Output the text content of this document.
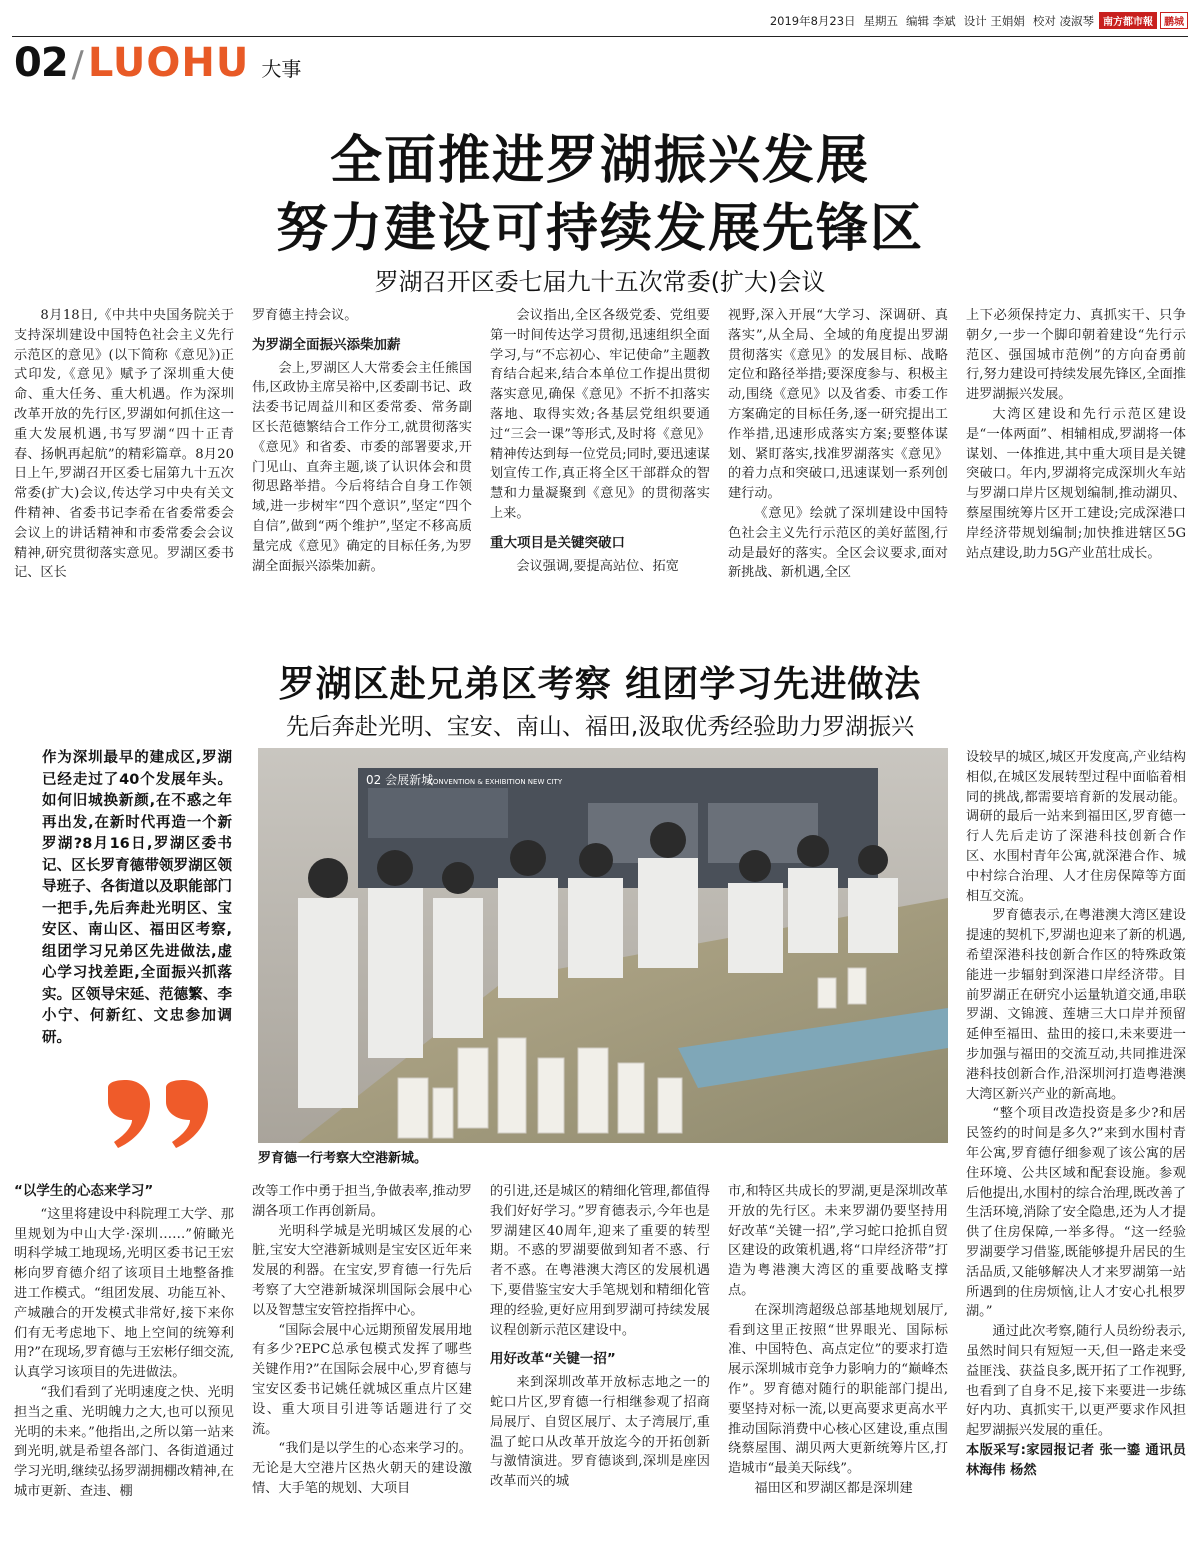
2019年8月23日 星期五 编辑 李斌 设计 王娟娟 校对 凌淑琴 南方都市報	鹏城
02 / LUOHU 大事
全面推进罗湖振兴发展
努力建设可持续发展先锋区
罗湖召开区委七届九十五次常委(扩大)会议

8月18日,《中共中央国务院关于支持深圳建设中国特色社会主义先行示范区的意见》(以下简称《意见》)正式印发,《意见》赋予了深圳重大使命、重大任务、重大机遇。作为深圳改革开放的先行区,罗湖如何抓住这一重大发展机遇,书写罗湖“四十正青春、扬帆再起航”的精彩篇章。8月20日上午,罗湖召开区委七届第九十五次常委(扩大)会议,传达学习中央有关文件精神、省委书记李希在省委常委会会议上的讲话精神和市委常委会会议精神,研究贯彻落实意见。罗湖区委书记、区长

罗育德主持会议。

为罗湖全面振兴添柴加薪

会上,罗湖区人大常委会主任熊国伟,区政协主席吴裕中,区委副书记、政法委书记周益川和区委常委、常务副区长范德繁结合工作分工,就贯彻落实《意见》和省委、市委的部署要求,开门见山、直奔主题,谈了认识体会和贯彻思路举措。今后将结合自身工作领域,进一步树牢“四个意识”,坚定“四个自信”,做到“两个维护”,坚定不移高质量完成《意见》确定的目标任务,为罗湖全面振兴添柴加薪。

会议指出,全区各级党委、党组要第一时间传达学习贯彻,迅速组织全面学习,与“不忘初心、牢记使命”主题教育结合起来,结合本单位工作提出贯彻落实意见,确保《意见》不折不扣落实落地、取得实效;各基层党组织要通过“三会一课”等形式,及时将《意见》精神传达到每一位党员;同时,要迅速谋划宣传工作,真正将全区干部群众的智慧和力量凝聚到《意见》的贯彻落实上来。

重大项目是关键突破口

会议强调,要提高站位、拓宽

视野,深入开展“大学习、深调研、真落实”,从全局、全域的角度提出罗湖贯彻落实《意见》的发展目标、战略定位和路径举措;要深度参与、积极主动,围绕《意见》以及省委、市委工作方案确定的目标任务,逐一研究提出工作举措,迅速形成落实方案;要整体谋划、紧盯落实,找准罗湖落实《意见》的着力点和突破口,迅速谋划一系列创建行动。

《意见》绘就了深圳建设中国特色社会主义先行示范区的美好蓝图,行动是最好的落实。全区会议要求,面对新挑战、新机遇,全区

上下必须保持定力、真抓实干、只争朝夕,一步一个脚印朝着建设“先行示范区、强国城市范例”的方向奋勇前行,努力建设可持续发展先锋区,全面推进罗湖振兴发展。

大湾区建设和先行示范区建设是“一体两面”、相辅相成,罗湖将一体谋划、一体推进,其中重大项目是关键突破口。年内,罗湖将完成深圳火车站与罗湖口岸片区规划编制,推动湖贝、蔡屋围统筹片区开工建设;完成深港口岸经济带规划编制;加快推进辖区5G站点建设,助力5G产业茁壮成长。

罗湖区赴兄弟区考察 组团学习先进做法
先后奔赴光明、宝安、南山、福田,汲取优秀经验助力罗湖振兴
作为深圳最早的建成区,罗湖已经走过了40个发展年头。如何旧城换新颜,在不惑之年再出发,在新时代再造一个新罗湖?8月16日,罗湖区委书记、区长罗育德带领罗湖区领导班子、各街道以及职能部门一把手,先后奔赴光明区、宝安区、南山区、福田区考察,组团学习兄弟区先进做法,虚心学习找差距,全面振兴抓落实。区领导宋延、范德繁、李小宁、何新红、文忠参加调研。
02 会展新城
CONVENTION & EXHIBITION NEW CITY
罗育德一行考察大空港新城。

设较早的城区,城区开发度高,产业结构相似,在城区发展转型过程中面临着相同的挑战,都需要培育新的发展动能。调研的最后一站来到福田区,罗育德一行人先后走访了深港科技创新合作区、水围村青年公寓,就深港合作、城中村综合治理、人才住房保障等方面相互交流。

罗育德表示,在粤港澳大湾区建设提速的契机下,罗湖也迎来了新的机遇,希望深港科技创新合作区的特殊政策能进一步辐射到深港口岸经济带。目前罗湖正在研究小运量轨道交通,串联罗湖、文锦渡、莲塘三大口岸并预留延伸至福田、盐田的接口,未来要进一步加强与福田的交流互动,共同推进深港科技创新合作,沿深圳河打造粤港澳大湾区新兴产业的新高地。

“整个项目改造投资是多少?和居民签约的时间是多久?”来到水围村青年公寓,罗育德仔细参观了该公寓的居住环境、公共区域和配套设施。参观后他提出,水围村的综合治理,既改善了生活环境,消除了安全隐患,还为人才提供了住房保障,一举多得。“这一经验罗湖要学习借鉴,既能够提升居民的生活品质,又能够解决人才来罗湖第一站所遇到的住房烦恼,让人才安心扎根罗湖。”

通过此次考察,随行人员纷纷表示,虽然时间只有短短一天,但一路走来受益匪浅、获益良多,既开拓了工作视野,也看到了自身不足,接下来要进一步练好内功、真抓实干,以更严要求作风担起罗湖振兴发展的重任。

本版采写:家园报记者 张一鎏 通讯员 林海伟 杨然

“以学生的心态来学习”

“这里将建设中科院理工大学、那里规划为中山大学·深圳……”俯瞰光明科学城工地现场,光明区委书记王宏彬向罗育德介绍了该项目土地整备推进工作模式。“组团发展、功能互补、产城融合的开发模式非常好,接下来你们有无考虑地下、地上空间的统筹利用?”在现场,罗育德与王宏彬仔细交流,认真学习该项目的先进做法。

“我们看到了光明速度之快、光明担当之重、光明魄力之大,也可以预见光明的未来。”他指出,之所以第一站来到光明,就是希望各部门、各街道通过学习光明,继续弘扬罗湖拥棚改精神,在城市更新、查违、棚

改等工作中勇于担当,争做表率,推动罗湖各项工作再创新局。

光明科学城是光明城区发展的心脏,宝安大空港新城则是宝安区近年来发展的利器。在宝安,罗育德一行先后考察了大空港新城深圳国际会展中心以及智慧宝安管控指挥中心。

“国际会展中心远期预留发展用地有多少?EPC总承包模式发挥了哪些关键作用?”在国际会展中心,罗育德与宝安区委书记姚任就城区重点片区建设、重大项目引进等话题进行了交流。

“我们是以学生的心态来学习的。无论是大空港片区热火朝天的建设激情、大手笔的规划、大项目

的引进,还是城区的精细化管理,都值得我们好好学习。”罗育德表示,今年也是罗湖建区40周年,迎来了重要的转型期。不惑的罗湖要做到知者不惑、行者不惑。在粤港澳大湾区的发展机遇下,要借鉴宝安大手笔规划和精细化管理的经验,更好应用到罗湖可持续发展议程创新示范区建设中。

用好改革“关键一招”

来到深圳改革开放标志地之一的蛇口片区,罗育德一行相继参观了招商局展厅、自贸区展厅、太子湾展厅,重温了蛇口从改革开放迄今的开拓创新与激情演进。罗育德谈到,深圳是座因改革而兴的城

市,和特区共成长的罗湖,更是深圳改革开放的先行区。未来罗湖仍要坚持用好改革“关键一招”,学习蛇口抢抓自贸区建设的政策机遇,将“口岸经济带”打造为粤港澳大湾区的重要战略支撑点。

在深圳湾超级总部基地规划展厅,看到这里正按照“世界眼光、国际标准、中国特色、高点定位”的要求打造展示深圳城市竞争力影响力的“巅峰杰作”。罗育德对随行的职能部门提出,要坚持对标一流,以更高要求更高水平推动国际消费中心核心区建设,重点围绕蔡屋围、湖贝两大更新统筹片区,打造城市“最美天际线”。

福田区和罗湖区都是深圳建
